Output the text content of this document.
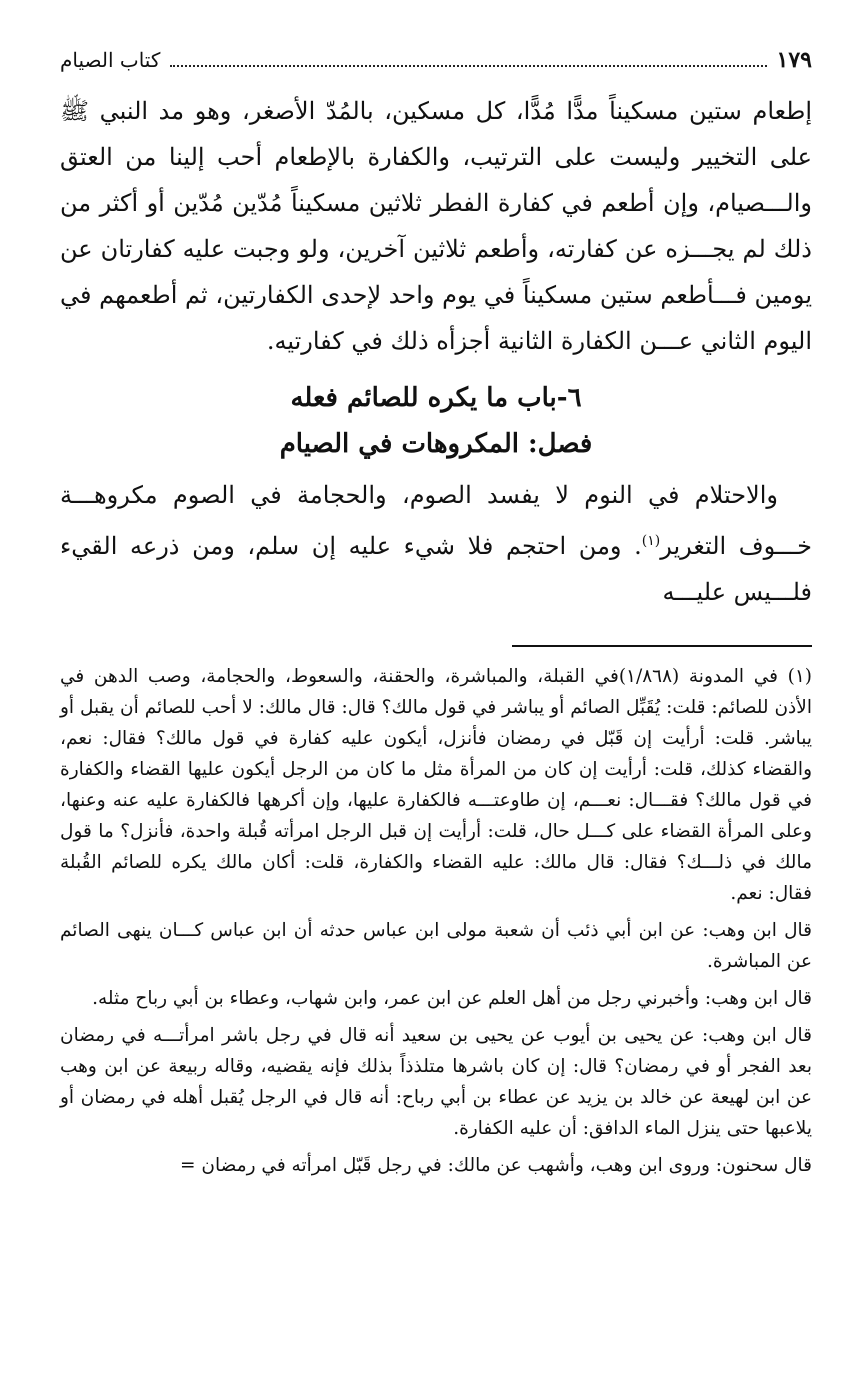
١٧٩
كتاب الصيام

إطعام ستين مسكيناً مدًّا مُدًّا، كل مسكين، بالمُدّ الأصغر، وهو مد النبي ﷺ على التخيير وليست على الترتيب، والكفارة بالإطعام أحب إلينا من العتق والـــصيام، وإن أطعم في كفارة الفطر ثلاثين مسكيناً مُدّين مُدّين أو أكثر من ذلك لم يجـــزه عن كفارته، وأطعم ثلاثين آخرين، ولو وجبت عليه كفارتان عن يومين فـــأطعم ستين مسكيناً في يوم واحد لإحدى الكفارتين، ثم أطعمهم في اليوم الثاني عـــن الكفارة الثانية أجزأه ذلك في كفارتيه.

٦-باب ما يكره للصائم فعله
فصل: المكروهات في الصيام

والاحتلام في النوم لا يفسد الصوم، والحجامة في الصوم مكروهـــة خـــوف التغرير$^{(١)}$. ومن احتجم فلا شيء عليه إن سلم، ومن ذرعه القيء فلـــيس عليـــه

(١) في المدونة (١/٨٦٨)في القبلة، والمباشرة، والحقنة، والسعوط، والحجامة، وصب الدهن في الأذن للصائم: قلت: يُقَبِّل الصائم أو يباشر في قول مالك؟ قال: قال مالك: لا أحب للصائم أن يقبل أو يباشر. قلت: أرأيت إن قَبّل في رمضان فأنزل، أيكون عليه كفارة في قول مالك؟ فقال: نعم، والقضاء كذلك، قلت: أرأيت إن كان من المرأة مثل ما كان من الرجل أيكون عليها القضاء والكفارة في قول مالك؟ فقـــال: نعـــم، إن طاوعتـــه فالكفارة عليها، وإن أكرهها فالكفارة عليه عنه وعنها، وعلى المرأة القضاء على كـــل حال، قلت: أرأيت إن قبل الرجل امرأته قُبلة واحدة، فأنزل؟ ما قول مالك في ذلـــك؟ فقال: قال مالك: عليه القضاء والكفارة، قلت: أكان مالك يكره للصائم القُبلة فقال: نعم.

قال ابن وهب: عن ابن أبي ذئب أن شعبة مولى ابن عباس حدثه أن ابن عباس كـــان ينهى الصائم عن المباشرة.

قال ابن وهب: وأخبرني رجل من أهل العلم عن ابن عمر، وابن شهاب، وعطاء بن أبي رباح مثله.

قال ابن وهب: عن يحيى بن أيوب عن يحيى بن سعيد أنه قال في رجل باشر امرأتـــه في رمضان بعد الفجر أو في رمضان؟ قال: إن كان باشرها متلذذاً بذلك فإنه يقضيه، وقاله ربيعة عن ابن وهب عن ابن لهيعة عن خالد بن يزيد عن عطاء بن أبي رباح: أنه قال في الرجل يُقبل أهله في رمضان أو يلاعبها حتى ينزل الماء الدافق: أن عليه الكفارة.

قال سحنون: وروى ابن وهب، وأشهب عن مالك: في رجل قَبّل امرأته في رمضان =
